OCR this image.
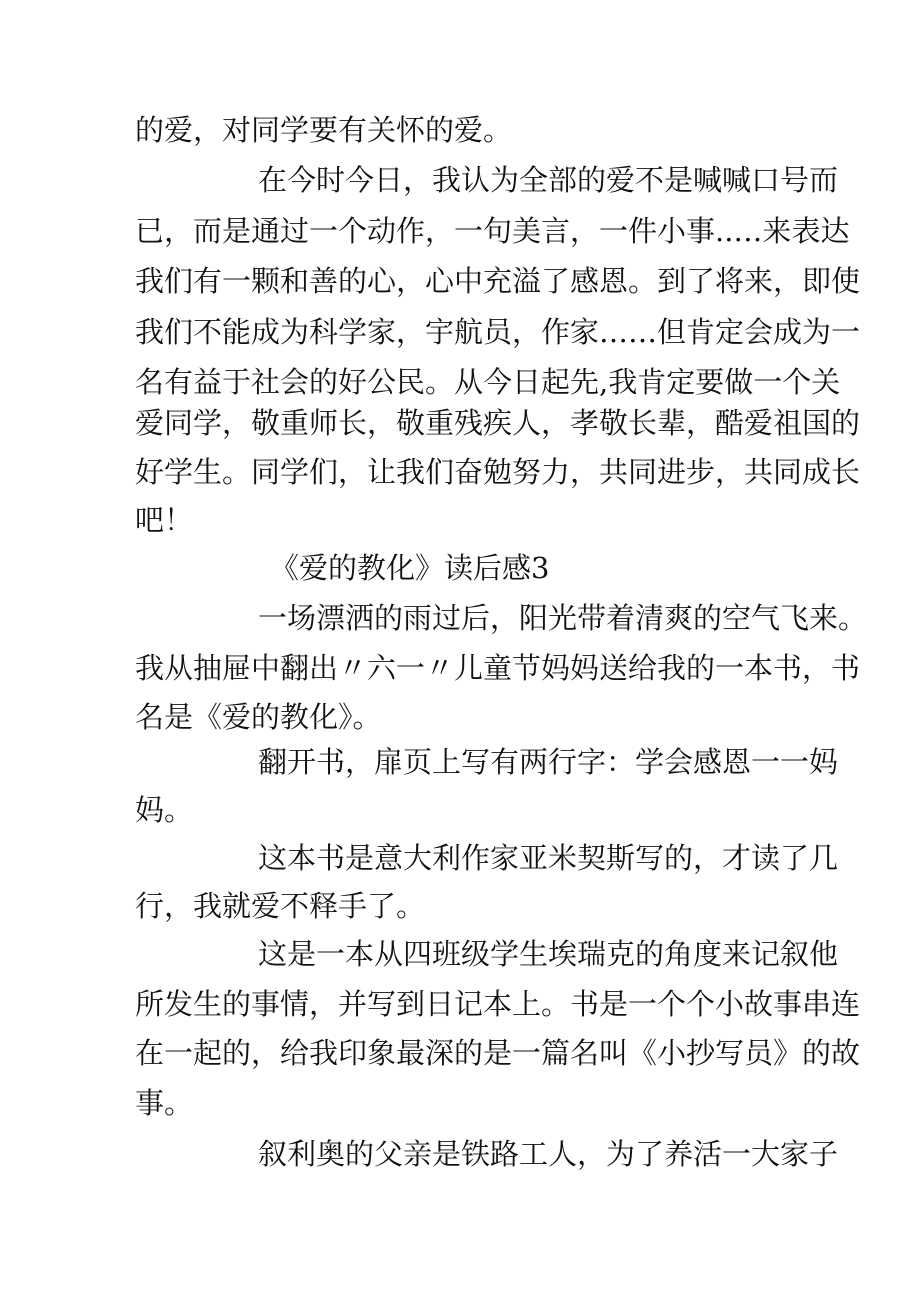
的爱，对同学要有关怀的爱。
在今时今日，我认为全部的爱不是喊喊口号而
已，而是通过一个动作，一句美言，一件小事..…来表达
我们有一颗和善的心，心中充溢了感恩。到了将来，即使
我们不能成为科学家，宇航员，作家……但肯定会成为一
名有益于社会的好公民。从今日起先,我肯定要做一个关
爱同学，敬重师长，敬重残疾人，孝敬长辈，酷爱祖国的
好学生。同学们，让我们奋勉努力，共同进步，共同成长
吧！
《爱的教化》读后感3
一场漂洒的雨过后，阳光带着清爽的空气飞来。
我从抽屉中翻出〃六一〃儿童节妈妈送给我的一本书，书
名是《爱的教化》。
翻开书，扉页上写有两行字：学会感恩一一妈
妈。
这本书是意大利作家亚米契斯写的，才读了几
行，我就爱不释手了。
这是一本从四班级学生埃瑞克的角度来记叙他
所发生的事情，并写到日记本上。书是一个个小故事串连
在一起的，给我印象最深的是一篇名叫《小抄写员》的故
事。
叙利奥的父亲是铁路工人，为了养活一大家子
